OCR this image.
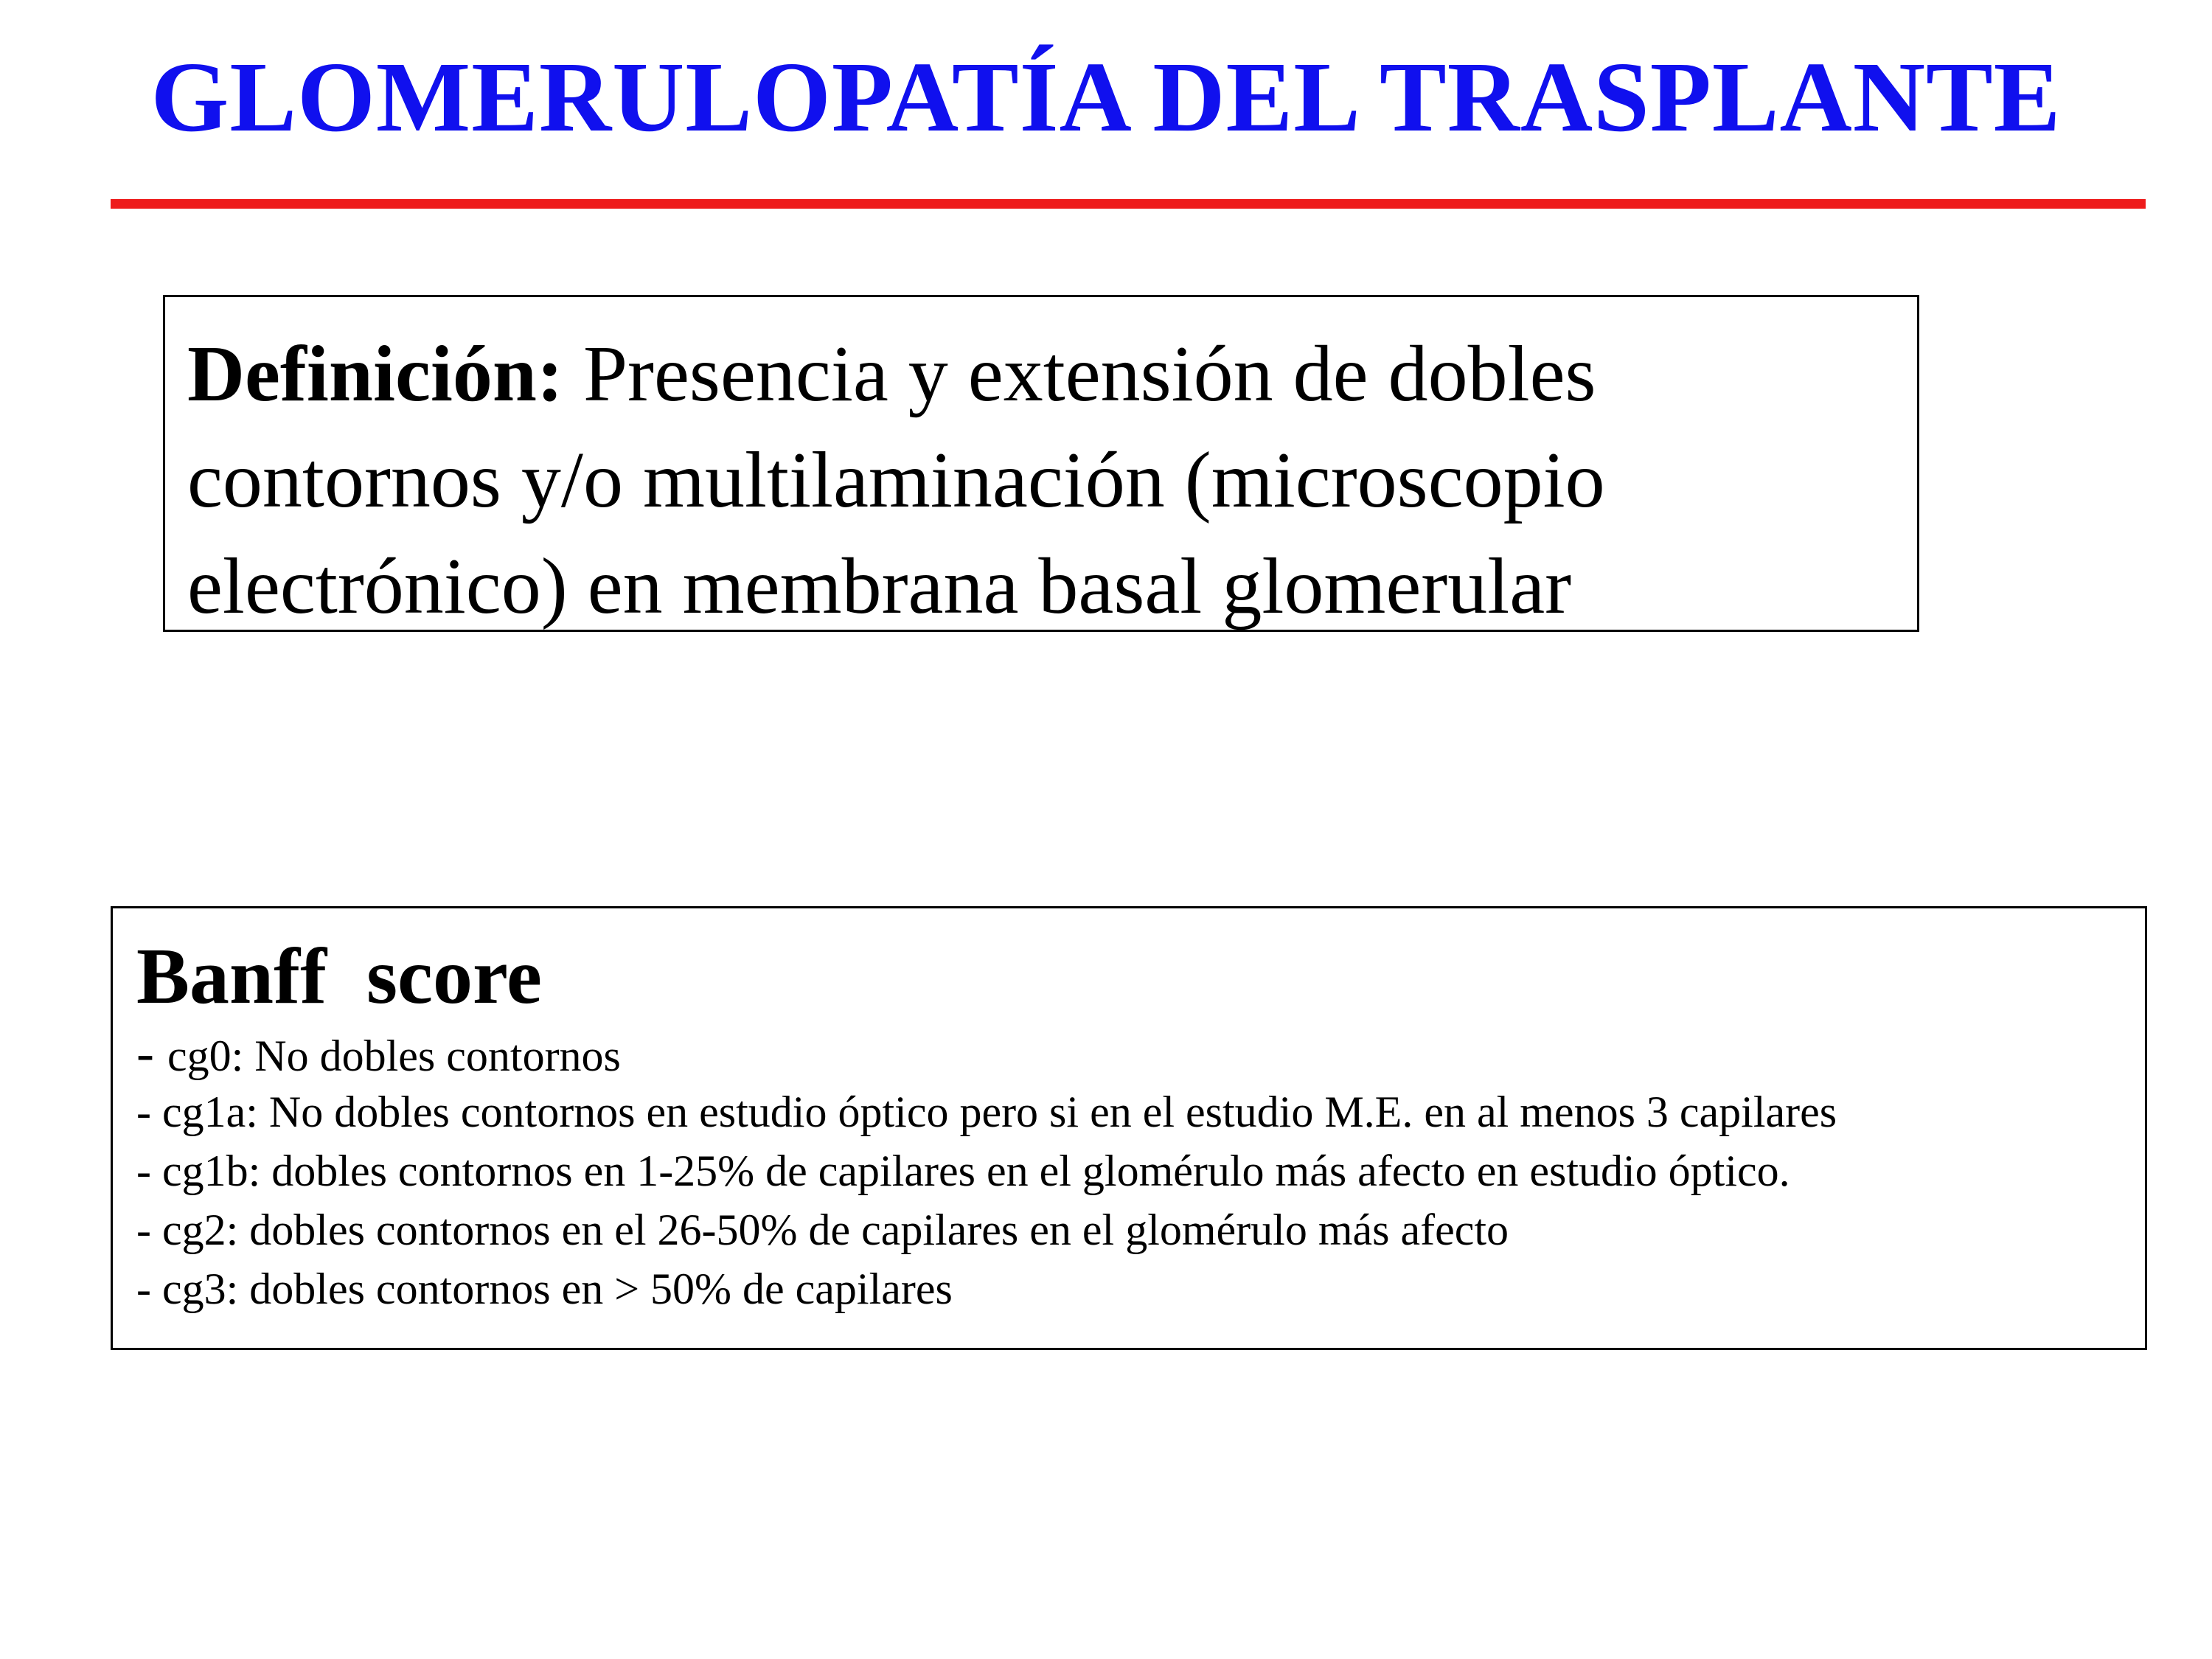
GLOMERULOPATÍA DEL TRASPLANTE

Definición: Presencia y extensión de dobles

contornos y/o multilaminación (microscopio

electrónico) en membrana basal glomerular

Banff  score
- cg0: No dobles contornos
- cg1a: No dobles contornos en estudio óptico pero si en el estudio M.E. en al menos 3 capilares
- cg1b: dobles contornos en 1-25% de capilares en el glomérulo más afecto en estudio óptico.
- cg2: dobles contornos en el 26-50% de capilares en el glomérulo más afecto
- cg3: dobles contornos en > 50% de capilares
